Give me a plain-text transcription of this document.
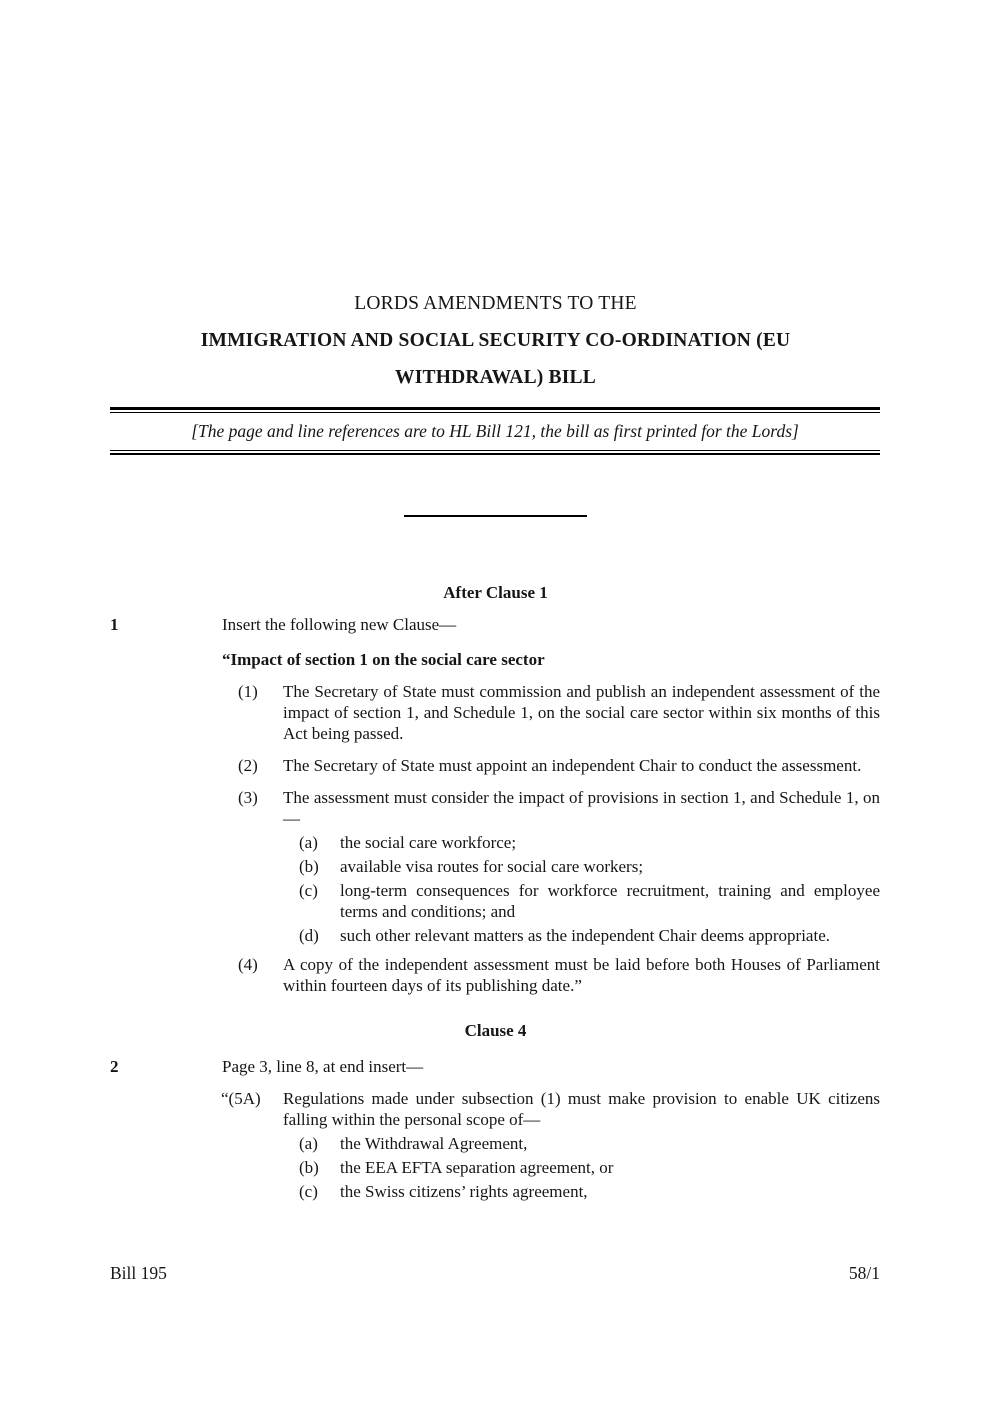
LORDS AMENDMENTS TO THE
IMMIGRATION AND SOCIAL SECURITY CO-ORDINATION (EU
WITHDRAWAL) BILL
[The page and line references are to HL Bill 121, the bill as first printed for the Lords]
After Clause 1
1	Insert the following new Clause—

“Impact of section 1 on the social care sector

(1) The Secretary of State must commission and publish an independent assessment of the impact of section 1, and Schedule 1, on the social care sector within six months of this Act being passed.
(2) The Secretary of State must appoint an independent Chair to conduct the assessment.
(3) The assessment must consider the impact of provisions in section 1, and Schedule 1, on—
(a) the social care workforce;
(b) available visa routes for social care workers;
(c) long-term consequences for workforce recruitment, training and employee terms and conditions; and
(d) such other relevant matters as the independent Chair deems appropriate.
(4) A copy of the independent assessment must be laid before both Houses of Parliament within fourteen days of its publishing date.”
Clause 4
2	Page 3, line 8, at end insert—

“(5A) Regulations made under subsection (1) must make provision to enable UK citizens falling within the personal scope of—
(a) the Withdrawal Agreement,
(b) the EEA EFTA separation agreement, or
(c) the Swiss citizens’ rights agreement,
Bill 195	58/1
